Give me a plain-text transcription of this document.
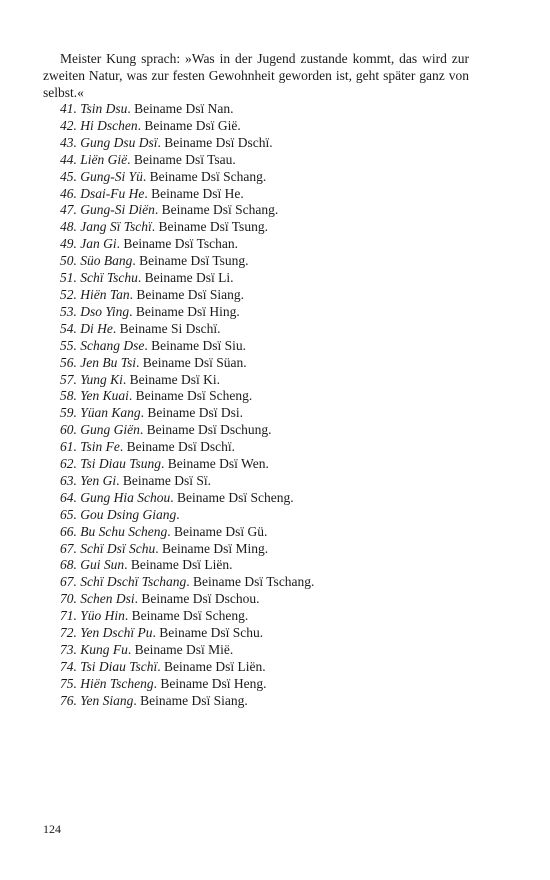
Meister Kung sprach: »Was in der Jugend zustande kommt, das wird zur zweiten Natur, was zur festen Gewohnheit geworden ist, geht später ganz von selbst.«

41. Tsin Dsu. Beiname Dsï Nan.
42. Hi Dschen. Beiname Dsï Giё.
43. Gung Dsu Dsï. Beiname Dsï Dschï.
44. Liën Giё. Beiname Dsï Tsau.
45. Gung-Si Yü. Beiname Dsï Schang.
46. Dsai-Fu He. Beiname Dsï He.
47. Gung-Si Diën. Beiname Dsï Schang.
48. Jang Sï Tschï. Beiname Dsï Tsung.
49. Jan Gi. Beiname Dsï Tschan.
50. Süo Bang. Beiname Dsï Tsung.
51. Schï Tschu. Beiname Dsï Li.
52. Hiën Tan. Beiname Dsï Siang.
53. Dso Ying. Beiname Dsï Hing.
54. Di He. Beiname Si Dschï.
55. Schang Dse. Beiname Dsï Siu.
56. Jen Bu Tsi. Beiname Dsï Süan.
57. Yung Ki. Beiname Dsï Ki.
58. Yen Kuai. Beiname Dsï Scheng.
59. Yüan Kang. Beiname Dsï Dsi.
60. Gung Giën. Beiname Dsï Dschung.
61. Tsin Fe. Beiname Dsï Dschï.
62. Tsi Diau Tsung. Beiname Dsï Wen.
63. Yen Gi. Beiname Dsï Sï.
64. Gung Hia Schou. Beiname Dsï Scheng.
65. Gou Dsing Giang.
66. Bu Schu Scheng. Beiname Dsï Gü.
67. Schï Dsï Schu. Beiname Dsï Ming.
68. Gui Sun. Beiname Dsï Liën.
67. Schï Dschï Tschang. Beiname Dsï Tschang.
70. Schen Dsi. Beiname Dsï Dschou.
71. Yüo Hin. Beiname Dsï Scheng.
72. Yen Dschï Pu. Beiname Dsï Schu.
73. Kung Fu. Beiname Dsï Miё.
74. Tsi Diau Tschï. Beiname Dsï Liën.
75. Hiën Tscheng. Beiname Dsï Heng.
76. Yen Siang. Beiname Dsï Siang.
124
